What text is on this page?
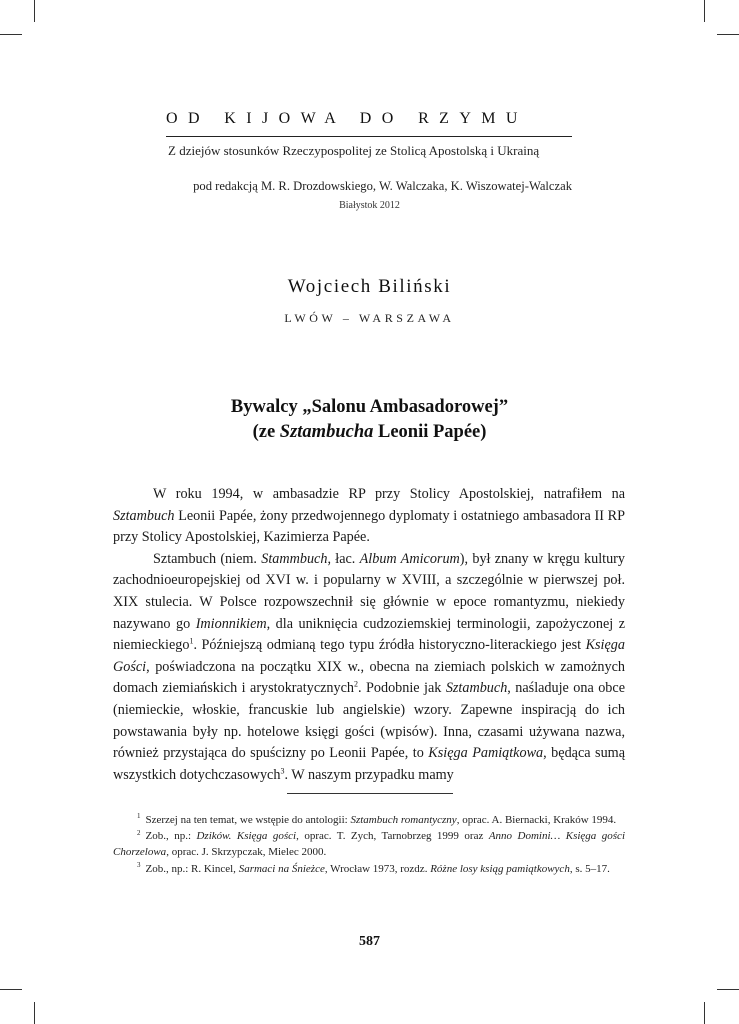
OD KIJOWA DO RZYMU
Z dziejów stosunków Rzeczypospolitej ze Stolicą Apostolską i Ukrainą
pod redakcją M. R. Drozdowskiego, W. Walczaka, K. Wiszowatej-Walczak
Białystok 2012
Wojciech Biliński
LWÓW – WARSZAWA
Bywalcy „Salonu Ambasadorowej”
(ze Sztambucha Leonii Papée)

W roku 1994, w ambasadzie RP przy Stolicy Apostolskiej, natrafiłem na Sztambuch Leonii Papée, żony przedwojennego dyplomaty i ostatniego ambasadora II RP przy Stolicy Apostolskiej, Kazimierza Papée.

Sztambuch (niem. Stammbuch, łac. Album Amicorum), był znany w kręgu kultury zachodnioeuropejskiej od XVI w. i popularny w XVIII, a szczególnie w pierwszej poł. XIX stulecia. W Polsce rozpowszechnił się głównie w epoce romantyzmu, niekiedy nazywano go Imionnikiem, dla uniknięcia cudzoziemskiej terminologii, zapożyczonej z niemieckiego$^1$. Późniejszą odmianą tego typu źródła historyczno-literackiego jest Księga Gości, poświadczona na początku XIX w., obecna na ziemiach polskich w zamożnych domach ziemiańskich i arystokratycznych$^2$. Podobnie jak Sztambuch, naśladuje ona obce (niemieckie, włoskie, francuskie lub angielskie) wzory. Zapewne inspiracją do ich powstawania były np. hotelowe księgi gości (wpisów). Inna, czasami używana nazwa, również przystająca do spuścizny po Leonii Papée, to Księga Pamiątkowa, będąca sumą wszystkich dotychczasowych$^3$. W naszym przypadku mamy

$^1$ Szerzej na ten temat, we wstępie do antologii: Sztambuch romantyczny, oprac. A. Biernacki, Kraków 1994.

$^2$ Zob., np.: Dzików. Księga gości, oprac. T. Zych, Tarnobrzeg 1999 oraz Anno Domini… Księga gości Chorzelowa, oprac. J. Skrzypczak, Mielec 2000.

$^3$ Zob., np.: R. Kincel, Sarmaci na Śnieżce, Wrocław 1973, rozdz. Różne losy ksiąg pamiątkowych, s. 5–17.

587
